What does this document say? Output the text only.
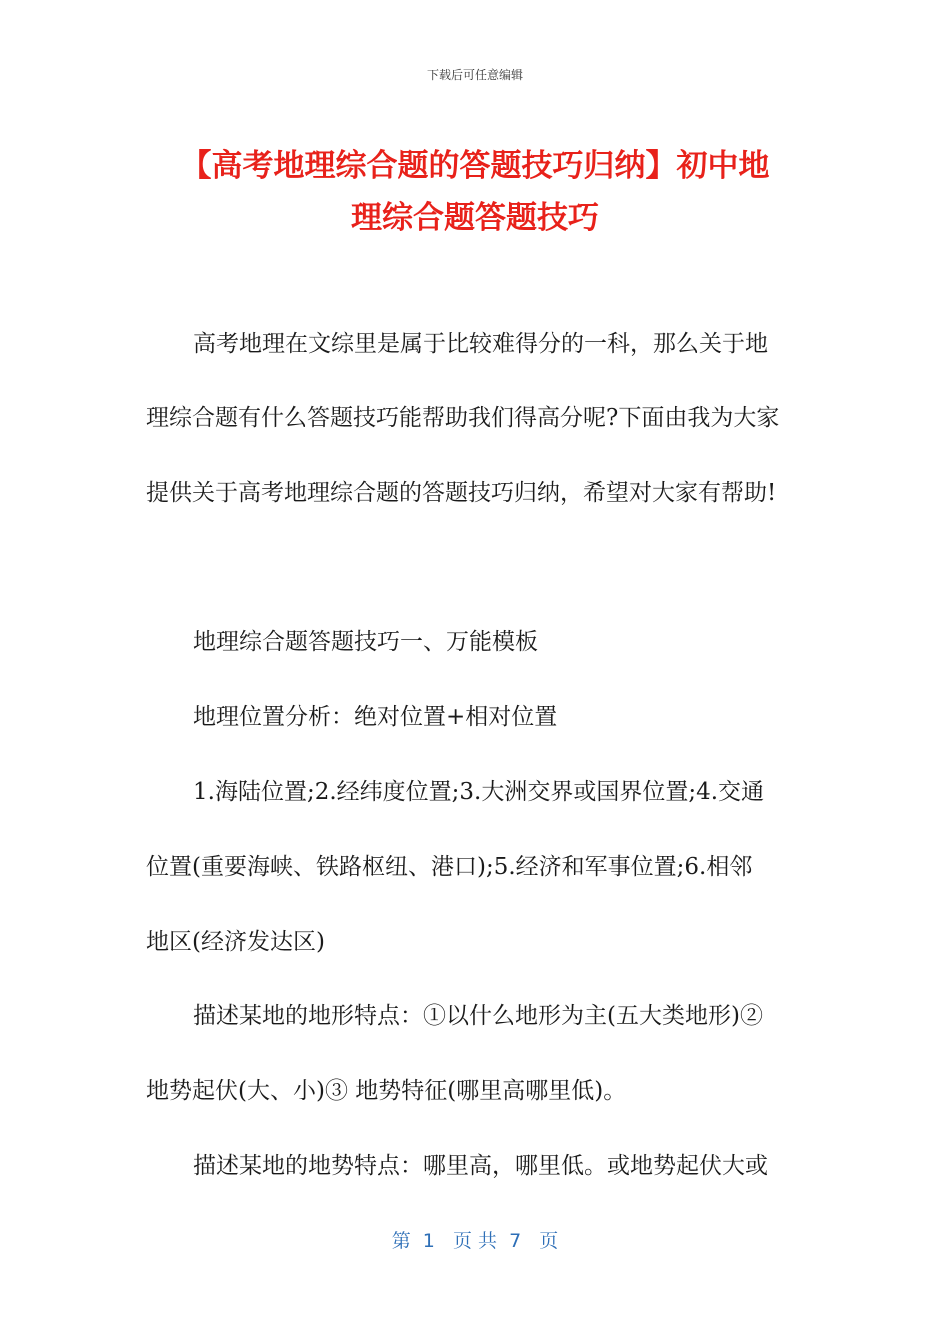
下载后可任意编辑
【高考地理综合题的答题技巧归纳】初中地
理综合题答题技巧
高考地理在文综里是属于比较难得分的一科，那么关于地
理综合题有什么答题技巧能帮助我们得高分呢?下面由我为大家
提供关于高考地理综合题的答题技巧归纳，希望对大家有帮助!
地理综合题答题技巧一、万能模板
地理位置分析：绝对位置+相对位置
1.海陆位置;2.经纬度位置;3.大洲交界或国界位置;4.交通
位置(重要海峡、铁路枢纽、港口);5.经济和军事位置;6.相邻
地区(经济发达区)
描述某地的地形特点：①以什么地形为主(五大类地形)②
地势起伏(大、小)③ 地势特征(哪里高哪里低)。
描述某地的地势特点：哪里高，哪里低。或地势起伏大或
第  1   页 共  7   页
